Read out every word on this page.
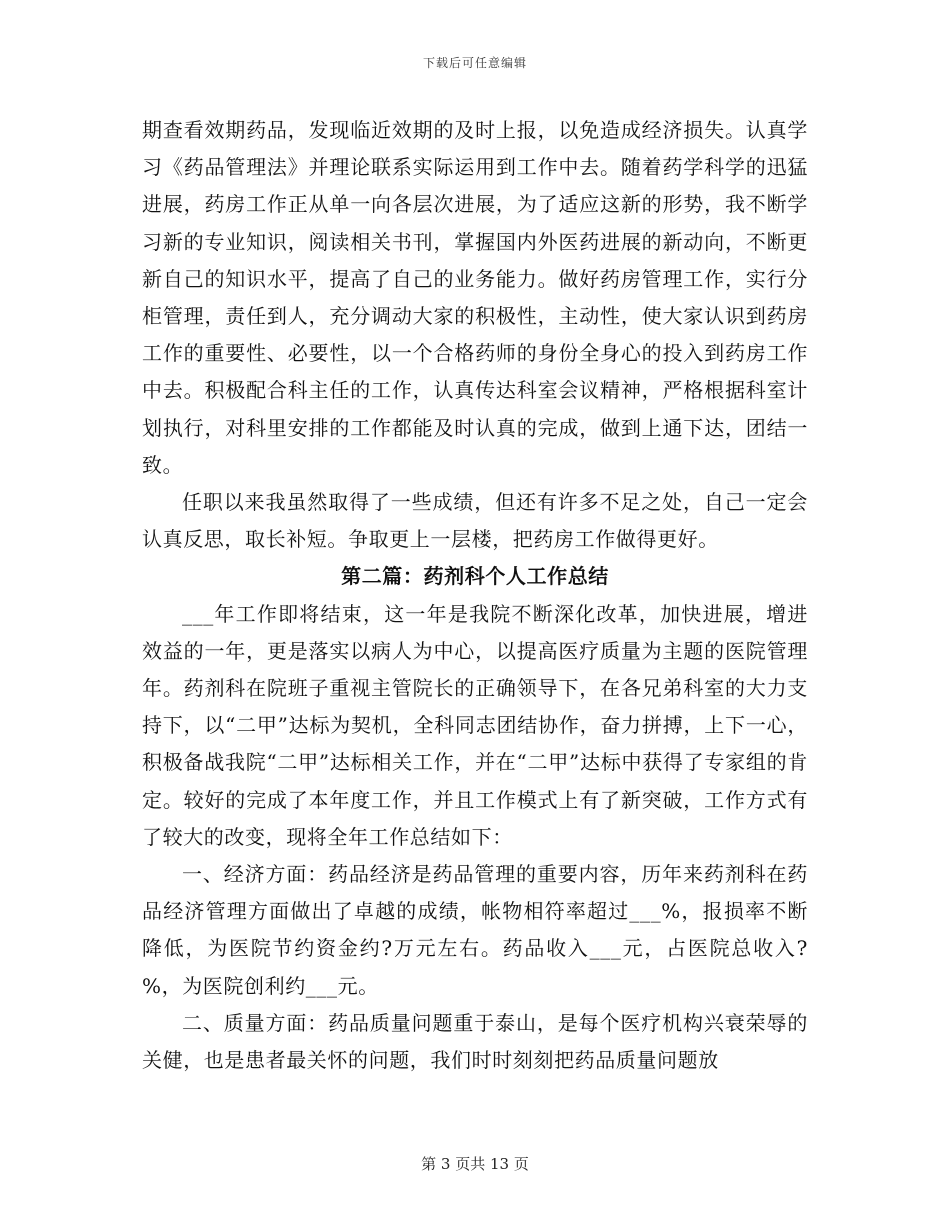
下载后可任意编辑

期查看效期药品，发现临近效期的及时上报，以免造成经济损失。认真学习《药品管理法》并理论联系实际运用到工作中去。随着药学科学的迅猛进展，药房工作正从单一向各层次进展，为了适应这新的形势，我不断学习新的专业知识，阅读相关书刊，掌握国内外医药进展的新动向，不断更新自己的知识水平，提高了自己的业务能力。做好药房管理工作，实行分柜管理，责任到人，充分调动大家的积极性，主动性，使大家认识到药房工作的重要性、必要性，以一个合格药师的身份全身心的投入到药房工作中去。积极配合科主任的工作，认真传达科室会议精神，严格根据科室计划执行，对科里安排的工作都能及时认真的完成，做到上通下达，团结一致。

任职以来我虽然取得了一些成绩，但还有许多不足之处，自己一定会认真反思，取长补短。争取更上一层楼，把药房工作做得更好。

第二篇：药剂科个人工作总结

___年工作即将结束，这一年是我院不断深化改革，加快进展，增进效益的一年，更是落实以病人为中心，以提高医疗质量为主题的医院管理年。药剂科在院班子重视主管院长的正确领导下，在各兄弟科室的大力支持下，以“二甲”达标为契机，全科同志团结协作，奋力拼搏，上下一心，积极备战我院“二甲”达标相关工作，并在“二甲”达标中获得了专家组的肯定。较好的完成了本年度工作，并且工作模式上有了新突破，工作方式有了较大的改变，现将全年工作总结如下：

一、经济方面：药品经济是药品管理的重要内容，历年来药剂科在药品经济管理方面做出了卓越的成绩，帐物相符率超过___%，报损率不断降低，为医院节约资金约?万元左右。药品收入___元，占医院总收入?%，为医院创利约___元。

二、质量方面：药品质量问题重于泰山，是每个医疗机构兴衰荣辱的关健，也是患者最关怀的问题，我们时时刻刻把药品质量问题放

第 3 页共 13 页
